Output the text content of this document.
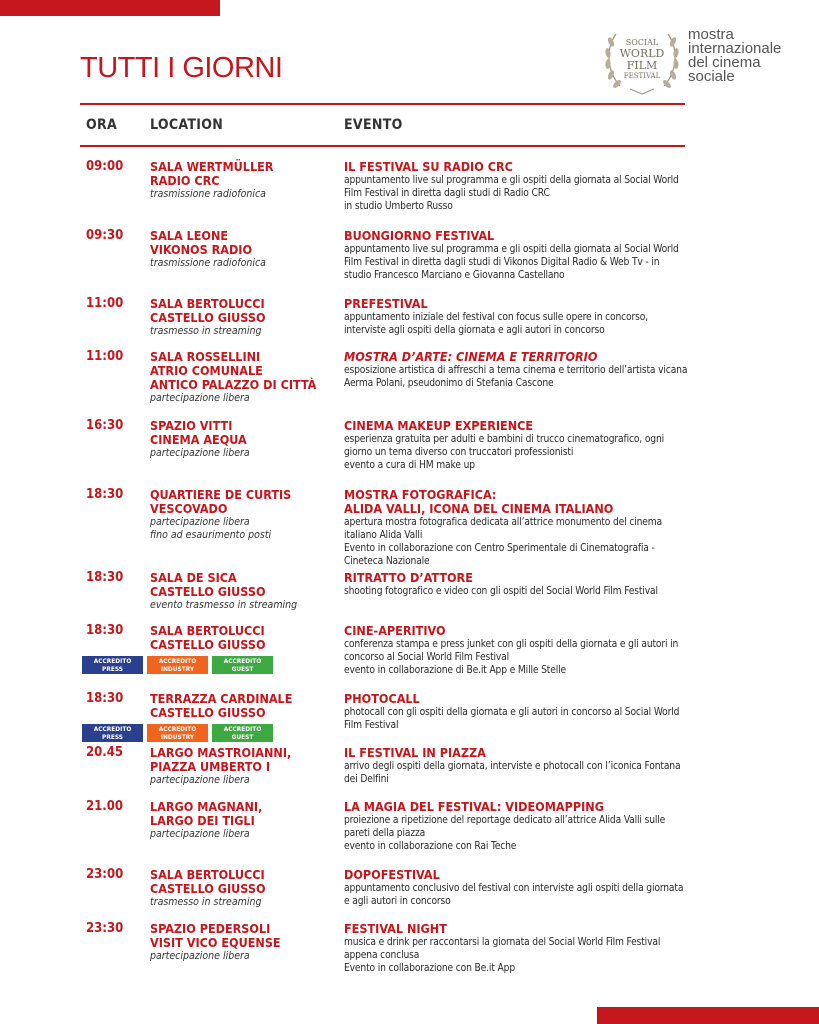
TUTTI I GIORNI
SOCIAL
WORLD
FILM
FESTIVAL
mostra
internazionale
del cinema
sociale
ORA LOCATION	EVENTO
09:00 SALA WERTMÜLLER
RADIO CRC
trasmissione radiofonica
IL FESTIVAL SU RADIO CRC
appuntamento live sul programma e gli ospiti della giornata al Social World Film Festival in diretta dagli studi di Radio CRC
in studio Umberto Russo
09:30 SALA LEONE
VIKONOS RADIO
trasmissione radiofonica
BUONGIORNO FESTIVAL
appuntamento live sul programma e gli ospiti della giornata al Social World Film Festival in diretta dagli studi di Vikonos Digital Radio & Web Tv - in studio Francesco Marciano e Giovanna Castellano
11:00 SALA BERTOLUCCI
CASTELLO GIUSSO
trasmesso in streaming
PREFESTIVAL
appuntamento iniziale del festival con focus sulle opere in concorso, interviste agli ospiti della giornata e agli autori in concorso
11:00 SALA ROSSELLINI
ATRIO COMUNALE
ANTICO PALAZZO DI CITTÀ
partecipazione libera
MOSTRA D’ARTE: CINEMA E TERRITORIO
esposizione artistica di affreschi a tema cinema e territorio dell’artista vicana Aerma Polani, pseudonimo di Stefania Cascone
16:30 SPAZIO VITTI
CINEMA AEQUA
partecipazione libera
CINEMA MAKEUP EXPERIENCE
esperienza gratuita per adulti e bambini di trucco cinematografico, ogni giorno un tema diverso con truccatori professionisti
evento a cura di HM make up
18:30 QUARTIERE DE CURTIS
VESCOVADO
partecipazione libera
fino ad esaurimento posti
MOSTRA FOTOGRAFICA:
ALIDA VALLI, ICONA DEL CINEMA ITALIANO
apertura mostra fotografica dedicata all’attrice monumento del cinema italiano Alida Valli
Evento in collaborazione con Centro Sperimentale di Cinematografia - Cineteca Nazionale
18:30 SALA DE SICA
CASTELLO GIUSSO
evento trasmesso in streaming
RITRATTO D’ATTORE
shooting fotografico e video con gli ospiti del Social World Film Festival
18:30 SALA BERTOLUCCI
CASTELLO GIUSSO
CINE-APERITIVO
conferenza stampa e press junket con gli ospiti della giornata e gli autori in concorso al Social World Film Festival
evento in collaborazione di Be.it App e Mille Stelle
ACCREDITO
PRESS
ACCREDITO
INDUSTRY
ACCREDITO
GUEST
18:30 TERRAZZA CARDINALE
CASTELLO GIUSSO
PHOTOCALL
photocall con gli ospiti della giornata e gli autori in concorso al Social World Film Festival
ACCREDITO
PRESS
ACCREDITO
INDUSTRY
ACCREDITO
GUEST
20.45 LARGO MASTROIANNI,
PIAZZA UMBERTO I
partecipazione libera
IL FESTIVAL IN PIAZZA
arrivo degli ospiti della giornata, interviste e photocall con l’iconica Fontana dei Delfini
21.00 LARGO MAGNANI,
LARGO DEI TIGLI
partecipazione libera
LA MAGIA DEL FESTIVAL: VIDEOMAPPING
proiezione a ripetizione del reportage dedicato all’attrice Alida Valli sulle pareti della piazza
evento in collaborazione con Rai Teche
23:00 SALA BERTOLUCCI
CASTELLO GIUSSO
trasmesso in streaming
DOPOFESTIVAL
appuntamento conclusivo del festival con interviste agli ospiti della giornata e agli autori in concorso
23:30 SPAZIO PEDERSOLI
VISIT VICO EQUENSE
partecipazione libera
FESTIVAL NIGHT
musica e drink per raccontarsi la giornata del Social World Film Festival appena conclusa
Evento in collaborazione con Be.it App
